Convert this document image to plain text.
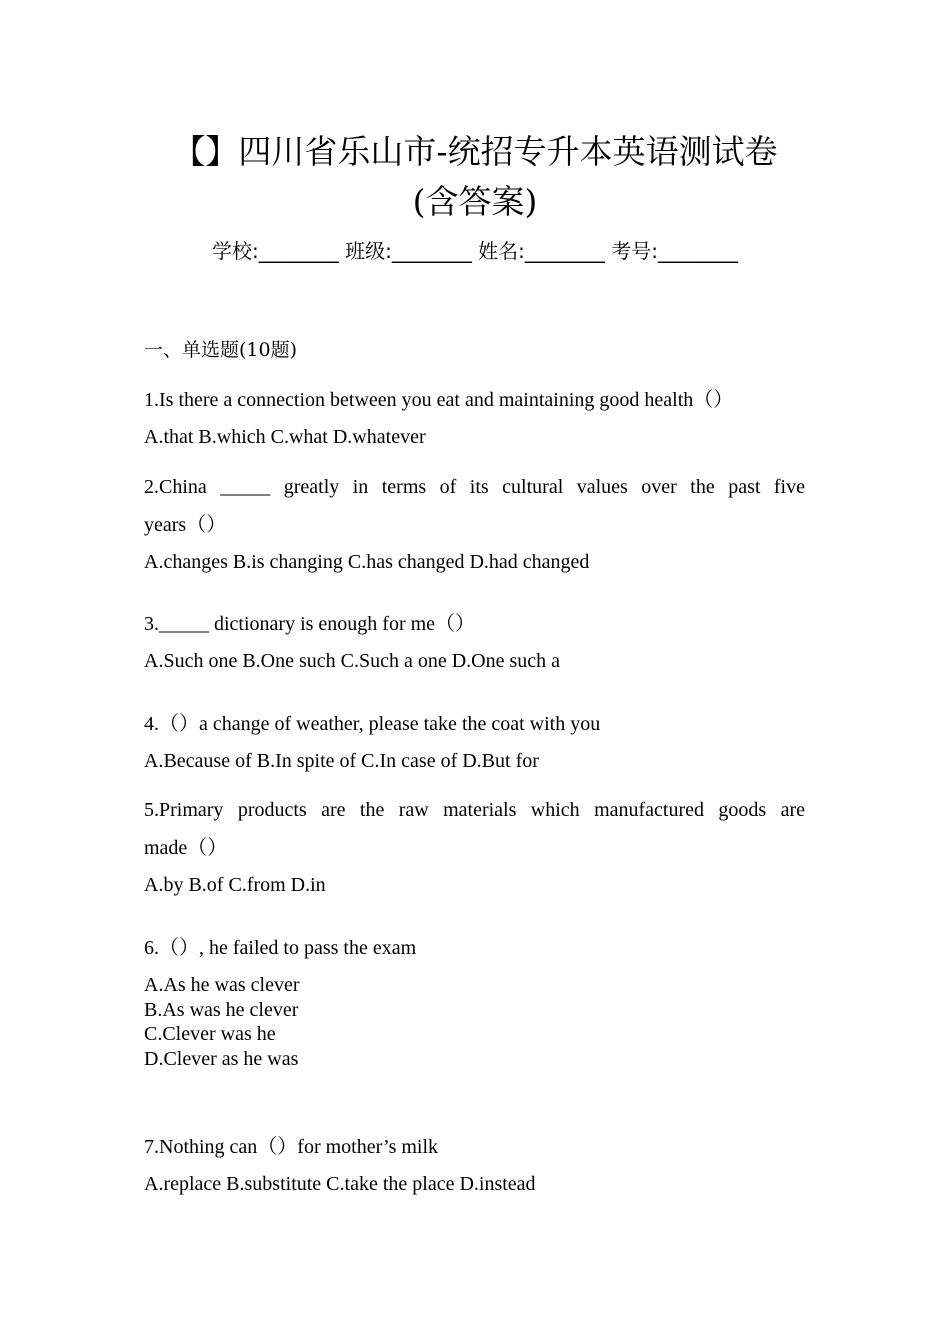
【】四川省乐山市-统招专升本英语测试卷
(含答案)
学校:________ 班级:________ 姓名:________ 考号:________
一、单选题(10题)
1.Is there a connection between you eat and maintaining good health（）
A.that B.which C.what D.whatever
2.China _____ greatly in terms of its cultural values over the past five
years（）
A.changes B.is changing C.has changed D.had changed
3._____ dictionary is enough for me（）
A.Such one B.One such C.Such a one D.One such a
4.（）a change of weather, please take the coat with you
A.Because of B.In spite of C.In case of D.But for
5.Primary products are the raw materials which manufactured goods are
made（）
A.by B.of C.from D.in
6.（）, he failed to pass the exam
A.As he was clever
B.As was he clever
C.Clever was he
D.Clever as he was
7.Nothing can（）for mother’s milk
A.replace B.substitute C.take the place D.instead
